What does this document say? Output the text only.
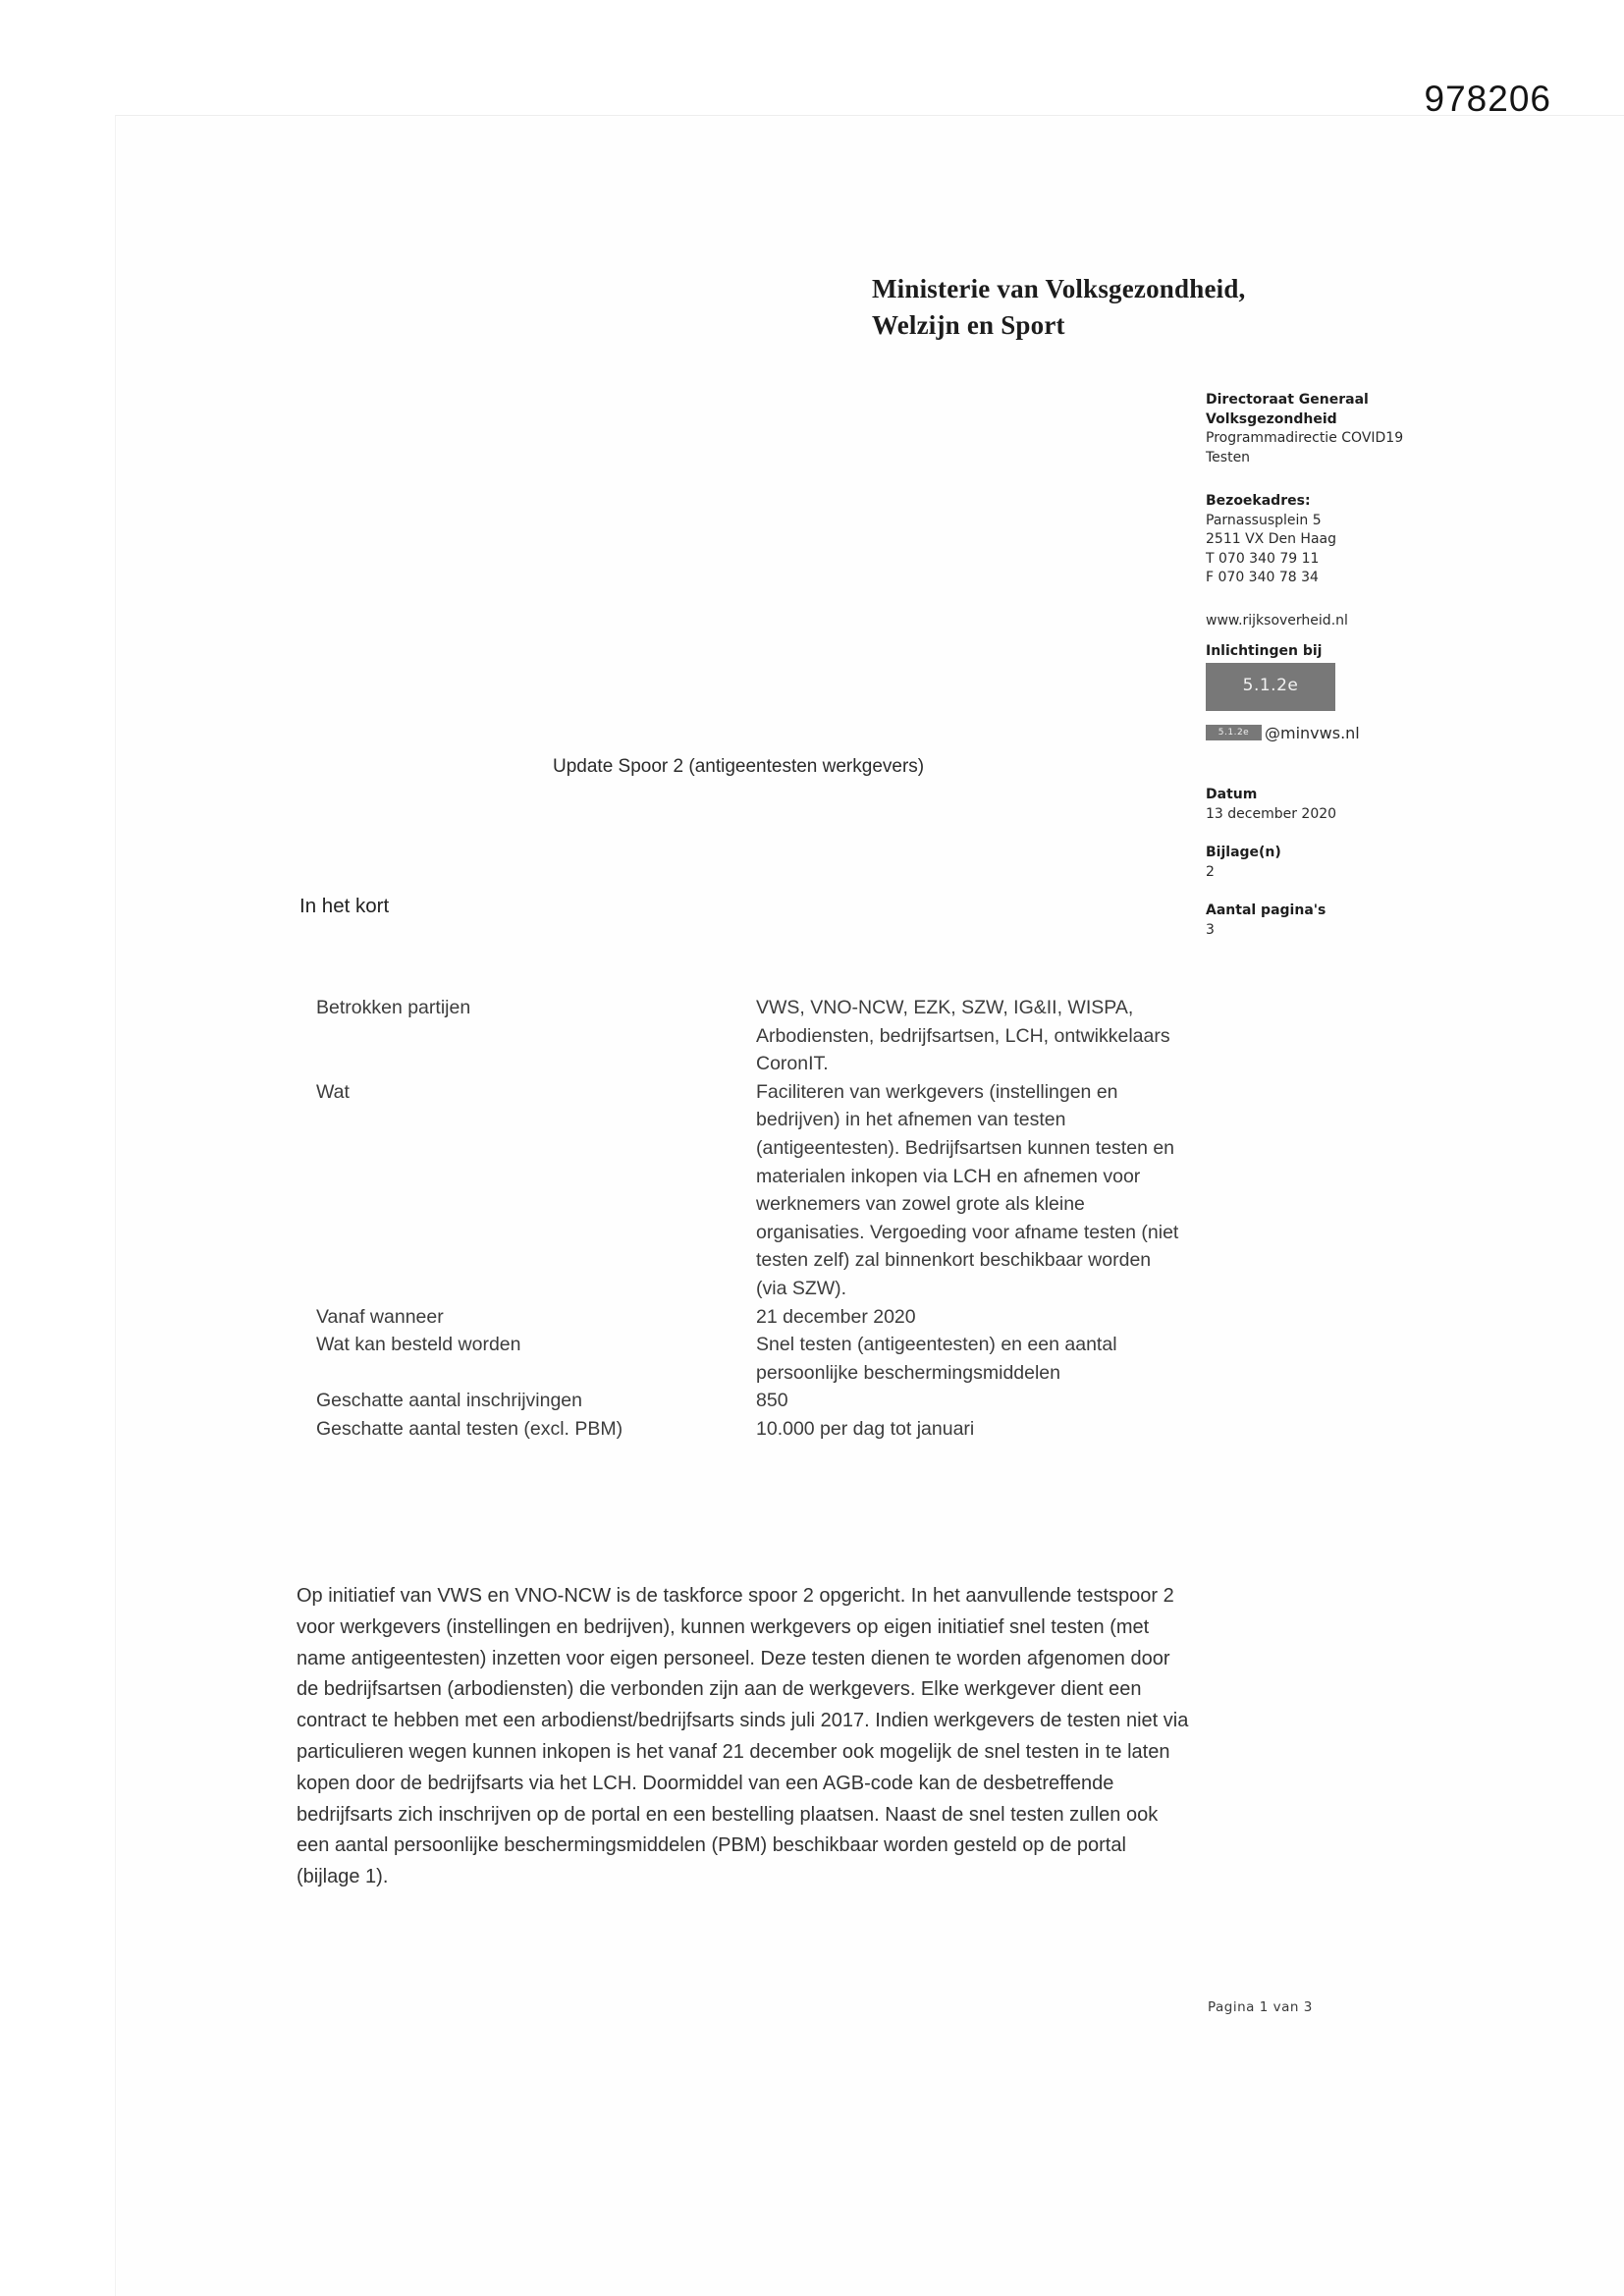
978206
Ministerie van Volksgezondheid,
Welzijn en Sport
Directoraat Generaal
Volksgezondheid
Programmadirectie COVID19
Testen
Bezoekadres:
Parnassusplein 5
2511 VX Den Haag
T 070 340 79 11
F 070 340 78 34
www.rijksoverheid.nl
Inlichtingen bij
5.1.2e
5.1.2e @minvws.nl
Datum
13 december 2020
Bijlage(n)
2
Aantal pagina's
3
Update Spoor 2 (antigeentesten werkgevers)
In het kort
Betrokken partijen	VWS, VNO-NCW, EZK, SZW, IG&II, WISPA, Arbodiensten, bedrijfsartsen, LCH, ontwikkelaars CoronIT.
Wat	Faciliteren van werkgevers (instellingen en bedrijven) in het afnemen van testen (antigeentesten). Bedrijfsartsen kunnen testen en materialen inkopen via LCH en afnemen voor werknemers van zowel grote als kleine organisaties. Vergoeding voor afname testen (niet testen zelf) zal binnenkort beschikbaar worden (via SZW).
Vanaf wanneer	21 december 2020
Wat kan besteld worden	Snel testen (antigeentesten) en een aantal persoonlijke beschermingsmiddelen
Geschatte aantal inschrijvingen	850
Geschatte aantal testen (excl. PBM)	10.000 per dag tot januari
Op initiatief van VWS en VNO-NCW is de taskforce spoor 2 opgericht. In het aanvullende testspoor 2 voor werkgevers (instellingen en bedrijven), kunnen werkgevers op eigen initiatief snel testen (met name antigeentesten) inzetten voor eigen personeel. Deze testen dienen te worden afgenomen door de bedrijfsartsen (arbodiensten) die verbonden zijn aan de werkgevers. Elke werkgever dient een contract te hebben met een arbodienst/bedrijfsarts sinds juli 2017. Indien werkgevers de testen niet via particulieren wegen kunnen inkopen is het vanaf 21 december ook mogelijk de snel testen in te laten kopen door de bedrijfsarts via het LCH. Doormiddel van een AGB-code kan de desbetreffende bedrijfsarts zich inschrijven op de portal en een bestelling plaatsen. Naast de snel testen zullen ook een aantal persoonlijke beschermingsmiddelen (PBM) beschikbaar worden gesteld op de portal (bijlage 1).
Pagina 1 van 3
